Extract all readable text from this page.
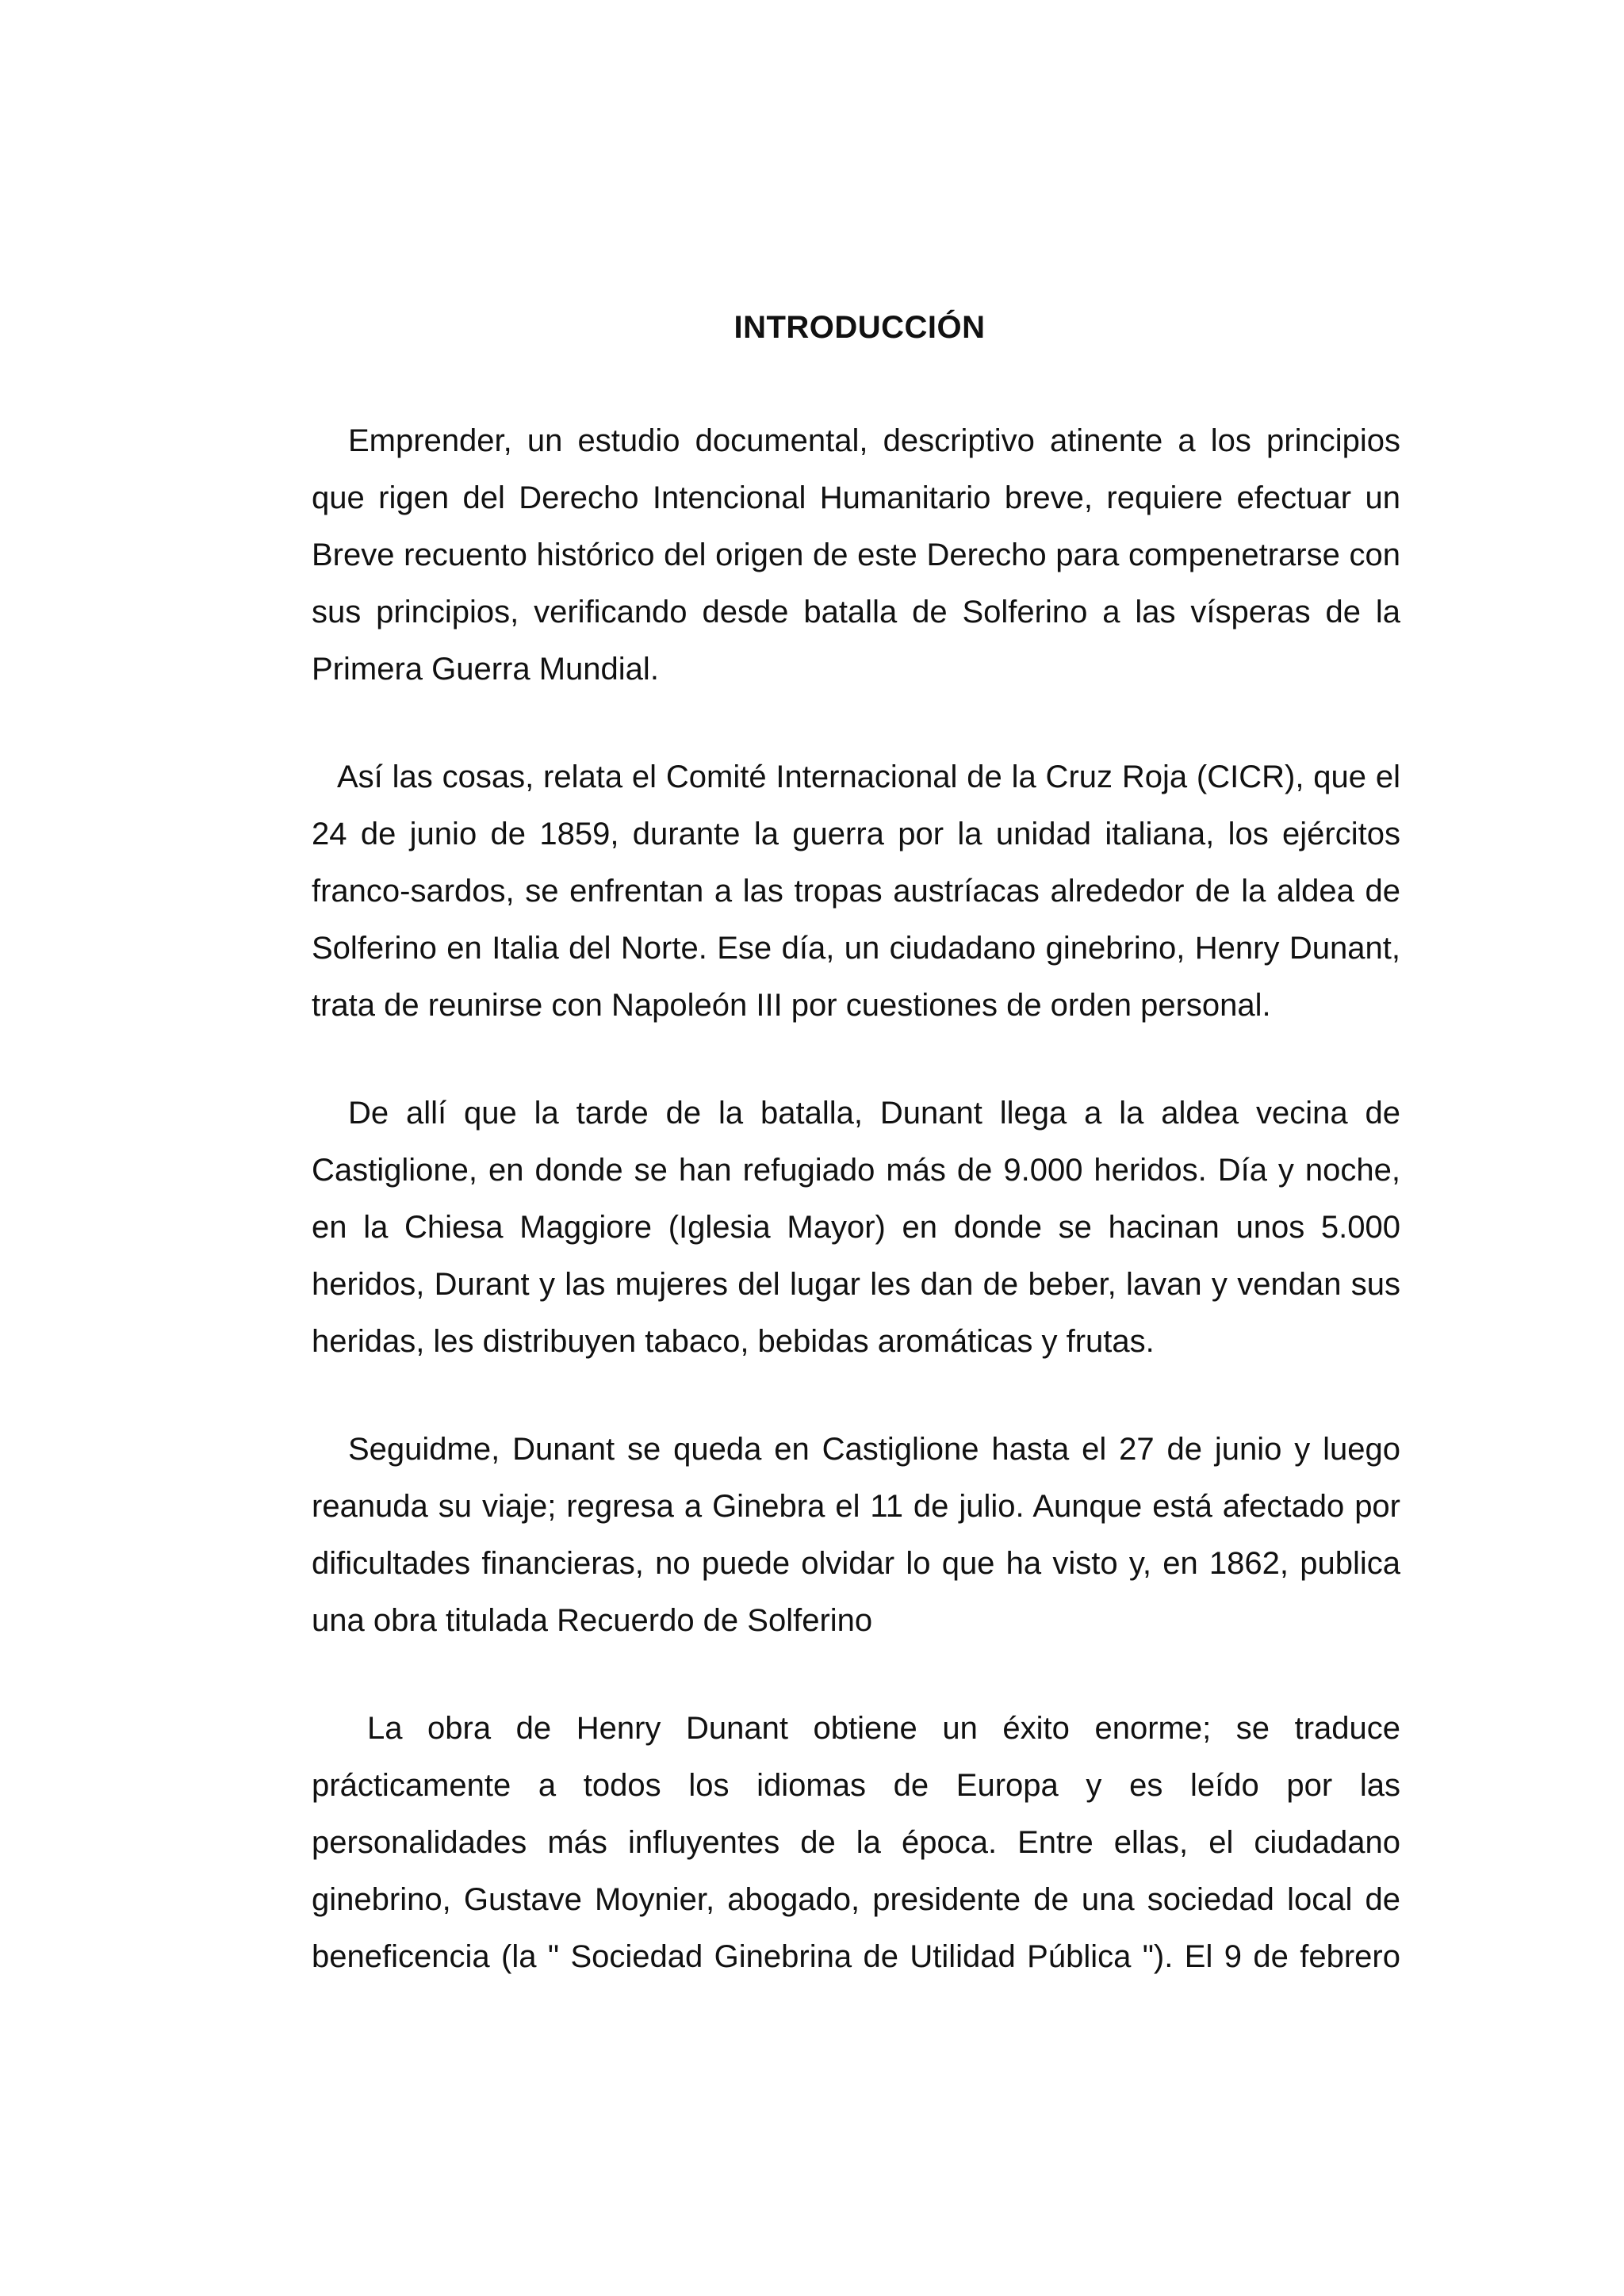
INTRODUCCIÓN

Emprender, un estudio documental, descriptivo atinente a los principios que rigen del Derecho Intencional Humanitario breve, requiere efectuar un Breve recuento histórico del origen de este Derecho para compenetrarse con sus principios, verificando desde batalla de Solferino a las vísperas de la Primera Guerra Mundial.

Así las cosas, relata el Comité Internacional de la Cruz Roja (CICR), que el 24 de junio de 1859, durante la guerra por la unidad italiana, los ejércitos franco-sardos, se enfrentan a las tropas austríacas alrededor de la aldea de Solferino en Italia del Norte. Ese día, un ciudadano ginebrino, Henry Dunant, trata de reunirse con Napoleón III por cuestiones de orden personal.

De allí que la tarde de la batalla, Dunant llega a la aldea vecina de Castiglione, en donde se han refugiado más de 9.000 heridos. Día y noche, en la Chiesa Maggiore (Iglesia Mayor) en donde se hacinan unos 5.000 heridos, Durant y las mujeres del lugar les dan de beber, lavan y vendan sus heridas, les distribuyen tabaco, bebidas aromáticas y frutas.

Seguidme, Dunant se queda en Castiglione hasta el 27 de junio y luego reanuda su viaje; regresa a Ginebra el 11 de julio. Aunque está afectado por dificultades financieras, no puede olvidar lo que ha visto y, en 1862, publica una obra titulada Recuerdo de Solferino

La obra de Henry Dunant obtiene un éxito enorme; se traduce prácticamente a todos los idiomas de Europa y es leído por las personalidades más influyentes de la época. Entre ellas, el ciudadano ginebrino, Gustave Moynier, abogado, presidente de una sociedad local de beneficencia (la " Sociedad Ginebrina de Utilidad Pública "). El 9 de febrero
